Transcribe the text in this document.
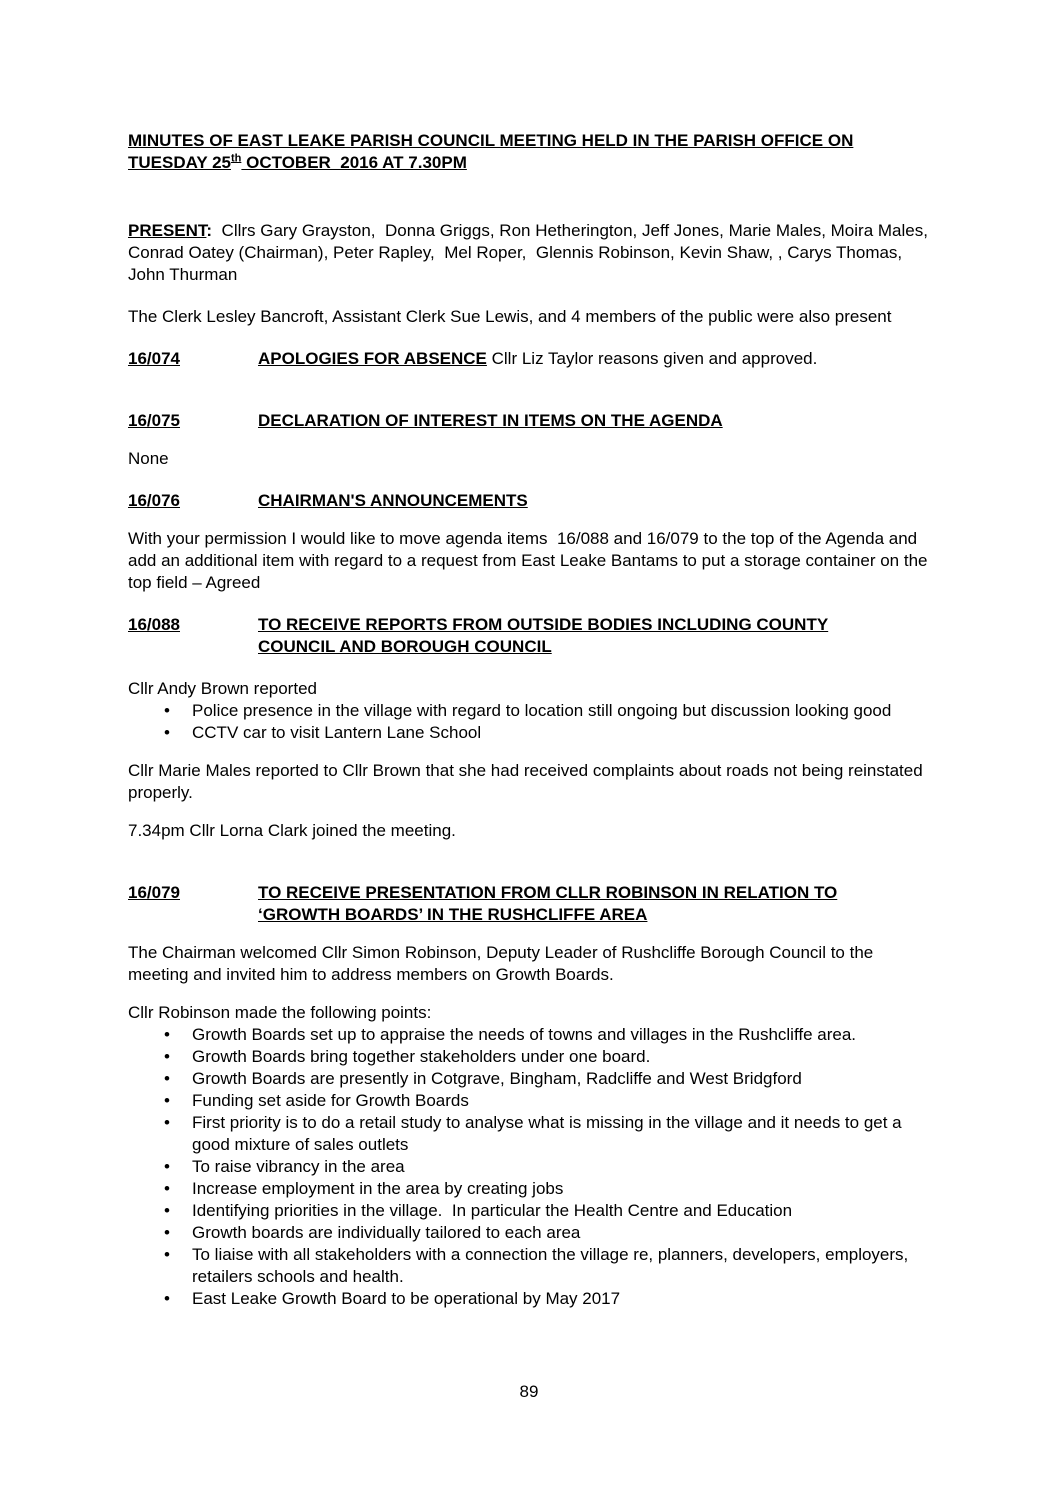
MINUTES OF EAST LEAKE PARISH COUNCIL MEETING HELD IN THE PARISH OFFICE ON
TUESDAY 25th OCTOBER  2016 AT 7.30PM

PRESENT:  Cllrs Gary Grayston,  Donna Griggs, Ron Hetherington, Jeff Jones, Marie Males, Moira Males, Conrad Oatey (Chairman), Peter Rapley,  Mel Roper,  Glennis Robinson, Kevin Shaw, , Carys Thomas, John Thurman

The Clerk Lesley Bancroft, Assistant Clerk Sue Lewis, and 4 members of the public were also present

16/074	APOLOGIES FOR ABSENCE Cllr Liz Taylor reasons given and approved.
16/075	DECLARATION OF INTEREST IN ITEMS ON THE AGENDA

None

16/076	CHAIRMAN'S ANNOUNCEMENTS

With your permission I would like to move agenda items  16/088 and 16/079 to the top of the Agenda and add an additional item with regard to a request from East Leake Bantams to put a storage container on the top field – Agreed

16/088	TO RECEIVE REPORTS FROM OUTSIDE BODIES INCLUDING COUNTY
COUNCIL AND BOROUGH COUNCIL

Cllr Andy Brown reported

• Police presence in the village with regard to location still ongoing but discussion looking good
• CCTV car to visit Lantern Lane School

Cllr Marie Males reported to Cllr Brown that she had received complaints about roads not being reinstated properly.

7.34pm Cllr Lorna Clark joined the meeting.

16/079	TO RECEIVE PRESENTATION FROM CLLR ROBINSON IN RELATION TO
‘GROWTH BOARDS’ IN THE RUSHCLIFFE AREA

The Chairman welcomed Cllr Simon Robinson, Deputy Leader of Rushcliffe Borough Council to the meeting and invited him to address members on Growth Boards.

Cllr Robinson made the following points:

• Growth Boards set up to appraise the needs of towns and villages in the Rushcliffe area.
• Growth Boards bring together stakeholders under one board.
• Growth Boards are presently in Cotgrave, Bingham, Radcliffe and West Bridgford
• Funding set aside for Growth Boards
• First priority is to do a retail study to analyse what is missing in the village and it needs to get a good mixture of sales outlets
• To raise vibrancy in the area
• Increase employment in the area by creating jobs
• Identifying priorities in the village.  In particular the Health Centre and Education
• Growth boards are individually tailored to each area
• To liaise with all stakeholders with a connection the village re, planners, developers, employers, retailers schools and health.
• East Leake Growth Board to be operational by May 2017
89
